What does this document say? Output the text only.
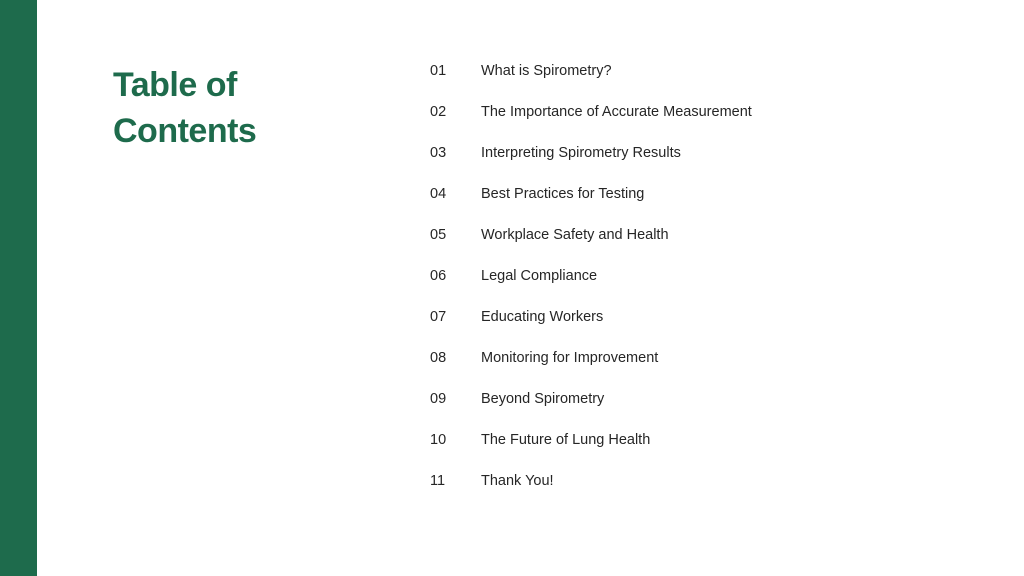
Table of Contents
01	What is Spirometry?
02	The Importance of Accurate Measurement
03	Interpreting Spirometry Results
04	Best Practices for Testing
05	Workplace Safety and Health
06	Legal Compliance
07	Educating Workers
08	Monitoring for Improvement
09	Beyond Spirometry
10	The Future of Lung Health
11	Thank You!
